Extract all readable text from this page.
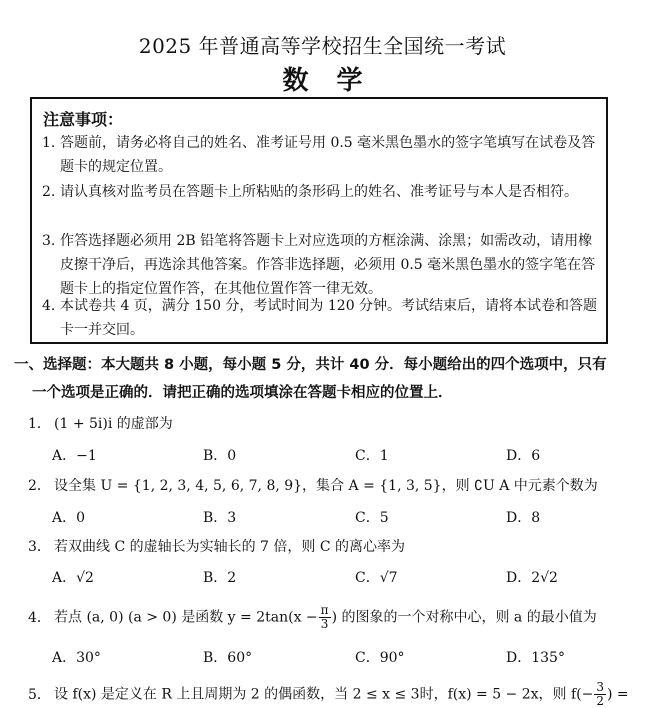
2025 年普通高等学校招生全国统一考试
数学
注意事项：
1. 答题前，请务必将自己的姓名、准考证号用 0.5 毫米黑色墨水的签字笔填写在试卷及答题卡的规定位置。
2. 请认真核对监考员在答题卡上所粘贴的条形码上的姓名、准考证号与本人是否相符。
3. 作答选择题必须用 2B 铅笔将答题卡上对应选项的方框涂满、涂黑；如需改动，请用橡皮擦干净后，再选涂其他答案。作答非选择题，必须用 0.5 毫米黑色墨水的签字笔在答题卡上的指定位置作答，在其他位置作答一律无效。
4. 本试卷共 4 页，满分 150 分，考试时间为 120 分钟。考试结束后，请将本试卷和答题卡一并交回。
一、选择题：本大题共 8 小题，每小题 5 分，共计 40 分．每小题给出的四个选项中，只有
一个选项是正确的．请把正确的选项填涂在答题卡相应的位置上．
1． (1 + 5i)i 的虚部为
A．−1	B．0	C．1	D．6
2． 设全集 U = {1, 2, 3, 4, 5, 6, 7, 8, 9}，集合 A = {1, 3, 5}，则 ∁U A 中元素个数为
A．0	B．3	C．5	D．8
3． 若双曲线 C 的虚轴长为实轴长的 7 倍，则 C 的离心率为
A．√2	B．2	C．√7	D．2√2
4． 若点 (a, 0) (a > 0) 是函数 $y = 2\tan(x - \frac{\pi}{3}$ ) 的图象的一个对称中心，则 a 的最小值为
A．30°	B．60°	C．90°	D．135°
5． 设 f(x) 是定义在 R 上且周期为 2 的偶函数，当 2 ≤ x ≤ 3时，f(x) = 5 − 2x，则 $f(- \frac{3}{2}$ ) =
